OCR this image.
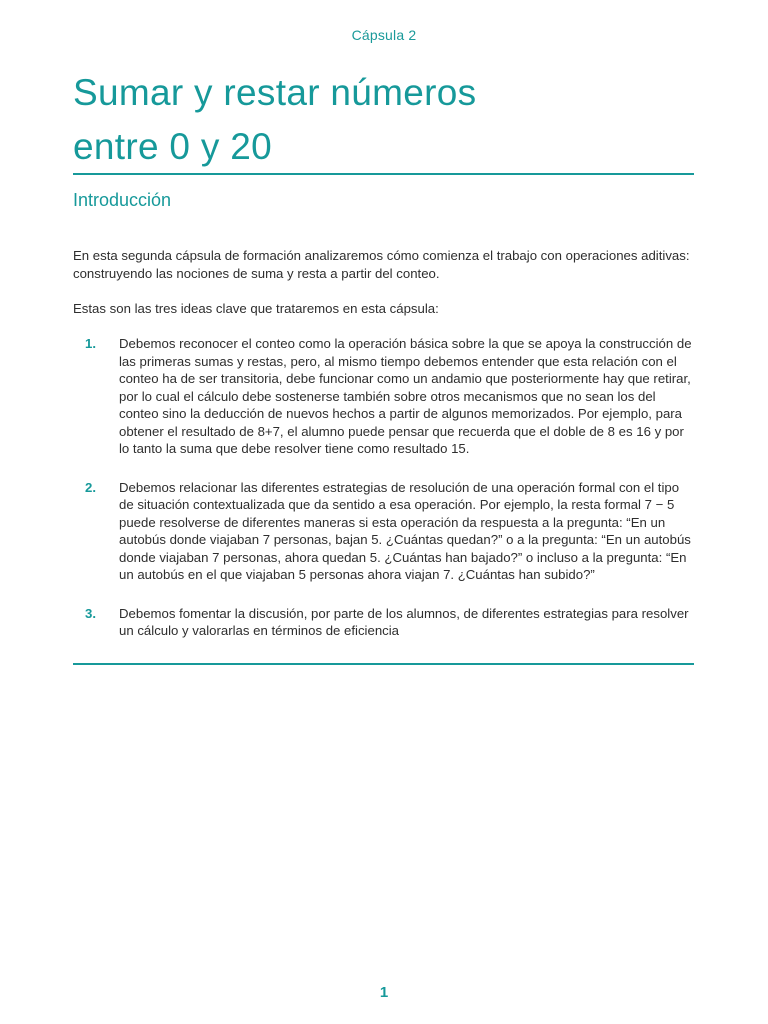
Cápsula 2
Sumar y restar números
entre 0 y 20
Introducción

En esta segunda cápsula de formación analizaremos cómo comienza el trabajo con operaciones aditivas: construyendo las nociones de suma y resta a partir del conteo.

Estas son las tres ideas clave que trataremos en esta cápsula:

1. Debemos reconocer el conteo como la operación básica sobre la que se apoya la construcción de las primeras sumas y restas, pero, al mismo tiempo debemos entender que esta relación con el conteo ha de ser transitoria, debe funcionar como un andamio que posteriormente hay que retirar, por lo cual el cálculo debe sostenerse también sobre otros mecanismos que no sean los del conteo sino la deducción de nuevos hechos a partir de algunos memorizados. Por ejemplo, para obtener el resultado de 8+7, el alumno puede pensar que recuerda que el doble de 8 es 16 y por lo tanto la suma que debe resolver tiene como resultado 15.
2. Debemos relacionar las diferentes estrategias de resolución de una operación formal con el tipo de situación contextualizada que da sentido a esa operación. Por ejemplo, la resta formal 7 − 5 puede resolverse de diferentes maneras si esta operación da respuesta a la pregunta: “En un autobús donde viajaban 7 personas, bajan 5. ¿Cuántas quedan?” o a la pregunta: “En un autobús donde viajaban 7 personas, ahora quedan 5. ¿Cuántas han bajado?” o incluso a la pregunta: “En un autobús en el que viajaban 5 personas ahora viajan 7. ¿Cuántas han subido?”
3. Debemos fomentar la discusión, por parte de los alumnos, de diferentes estrategias para resolver un cálculo y valorarlas en términos de eficiencia
1
